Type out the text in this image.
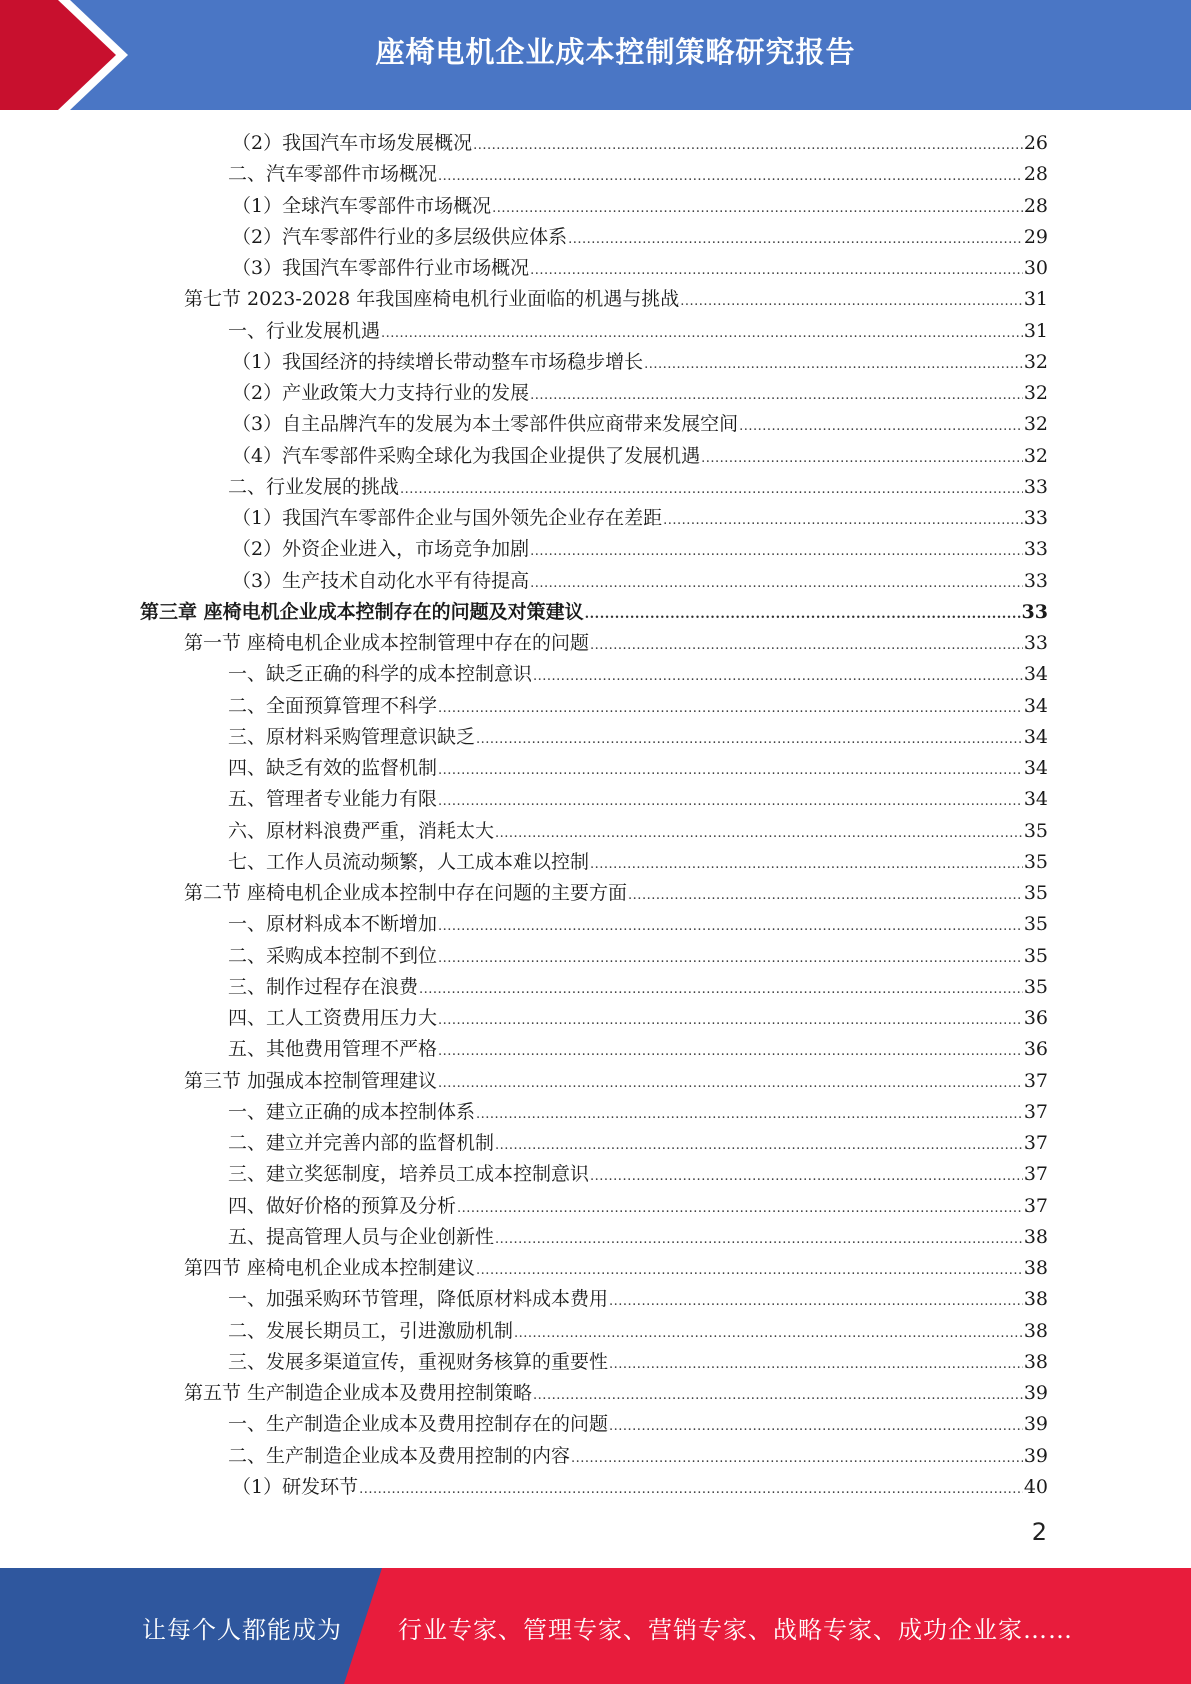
座椅电机企业成本控制策略研究报告
（2）我国汽车市场发展概况 .....	26
二、汽车零部件市场概况 .....	28
（1）全球汽车零部件市场概况 .....	28
（2）汽车零部件行业的多层级供应体系 .....	29
（3）我国汽车零部件行业市场概况 .....	30
第七节 2023-2028 年我国座椅电机行业面临的机遇与挑战 .....	31
一、行业发展机遇 .....	31
（1）我国经济的持续增长带动整车市场稳步增长 .....	32
（2）产业政策大力支持行业的发展 .....	32
（3）自主品牌汽车的发展为本土零部件供应商带来发展空间 .....	32
（4）汽车零部件采购全球化为我国企业提供了发展机遇 .....	32
二、行业发展的挑战 .....	33
（1）我国汽车零部件企业与国外领先企业存在差距 .....	33
（2）外资企业进入，市场竞争加剧 .....	33
（3）生产技术自动化水平有待提高 .....	33
第三章 座椅电机企业成本控制存在的问题及对策建议 .....	33
第一节 座椅电机企业成本控制管理中存在的问题 .....	33
一、缺乏正确的科学的成本控制意识 .....	34
二、全面预算管理不科学 .....	34
三、原材料采购管理意识缺乏 .....	34
四、缺乏有效的监督机制 .....	34
五、管理者专业能力有限 .....	34
六、原材料浪费严重，消耗太大 .....	35
七、工作人员流动频繁，人工成本难以控制 .....	35
第二节 座椅电机企业成本控制中存在问题的主要方面 .....	35
一、原材料成本不断增加 .....	35
二、采购成本控制不到位 .....	35
三、制作过程存在浪费 .....	35
四、工人工资费用压力大 .....	36
五、其他费用管理不严格 .....	36
第三节 加强成本控制管理建议 .....	37
一、建立正确的成本控制体系 .....	37
二、建立并完善内部的监督机制 .....	37
三、建立奖惩制度，培养员工成本控制意识 .....	37
四、做好价格的预算及分析 .....	37
五、提高管理人员与企业创新性 .....	38
第四节 座椅电机企业成本控制建议 .....	38
一、加强采购环节管理，降低原材料成本费用 .....	38
二、发展长期员工，引进激励机制 .....	38
三、发展多渠道宣传，重视财务核算的重要性 .....	38
第五节 生产制造企业成本及费用控制策略 .....	39
一、生产制造企业成本及费用控制存在的问题 .....	39
二、生产制造企业成本及费用控制的内容 .....	39
（1）研发环节 .....	40
2
让每个人都能成为 行业专家、管理专家、营销专家、战略专家、成功企业家……
